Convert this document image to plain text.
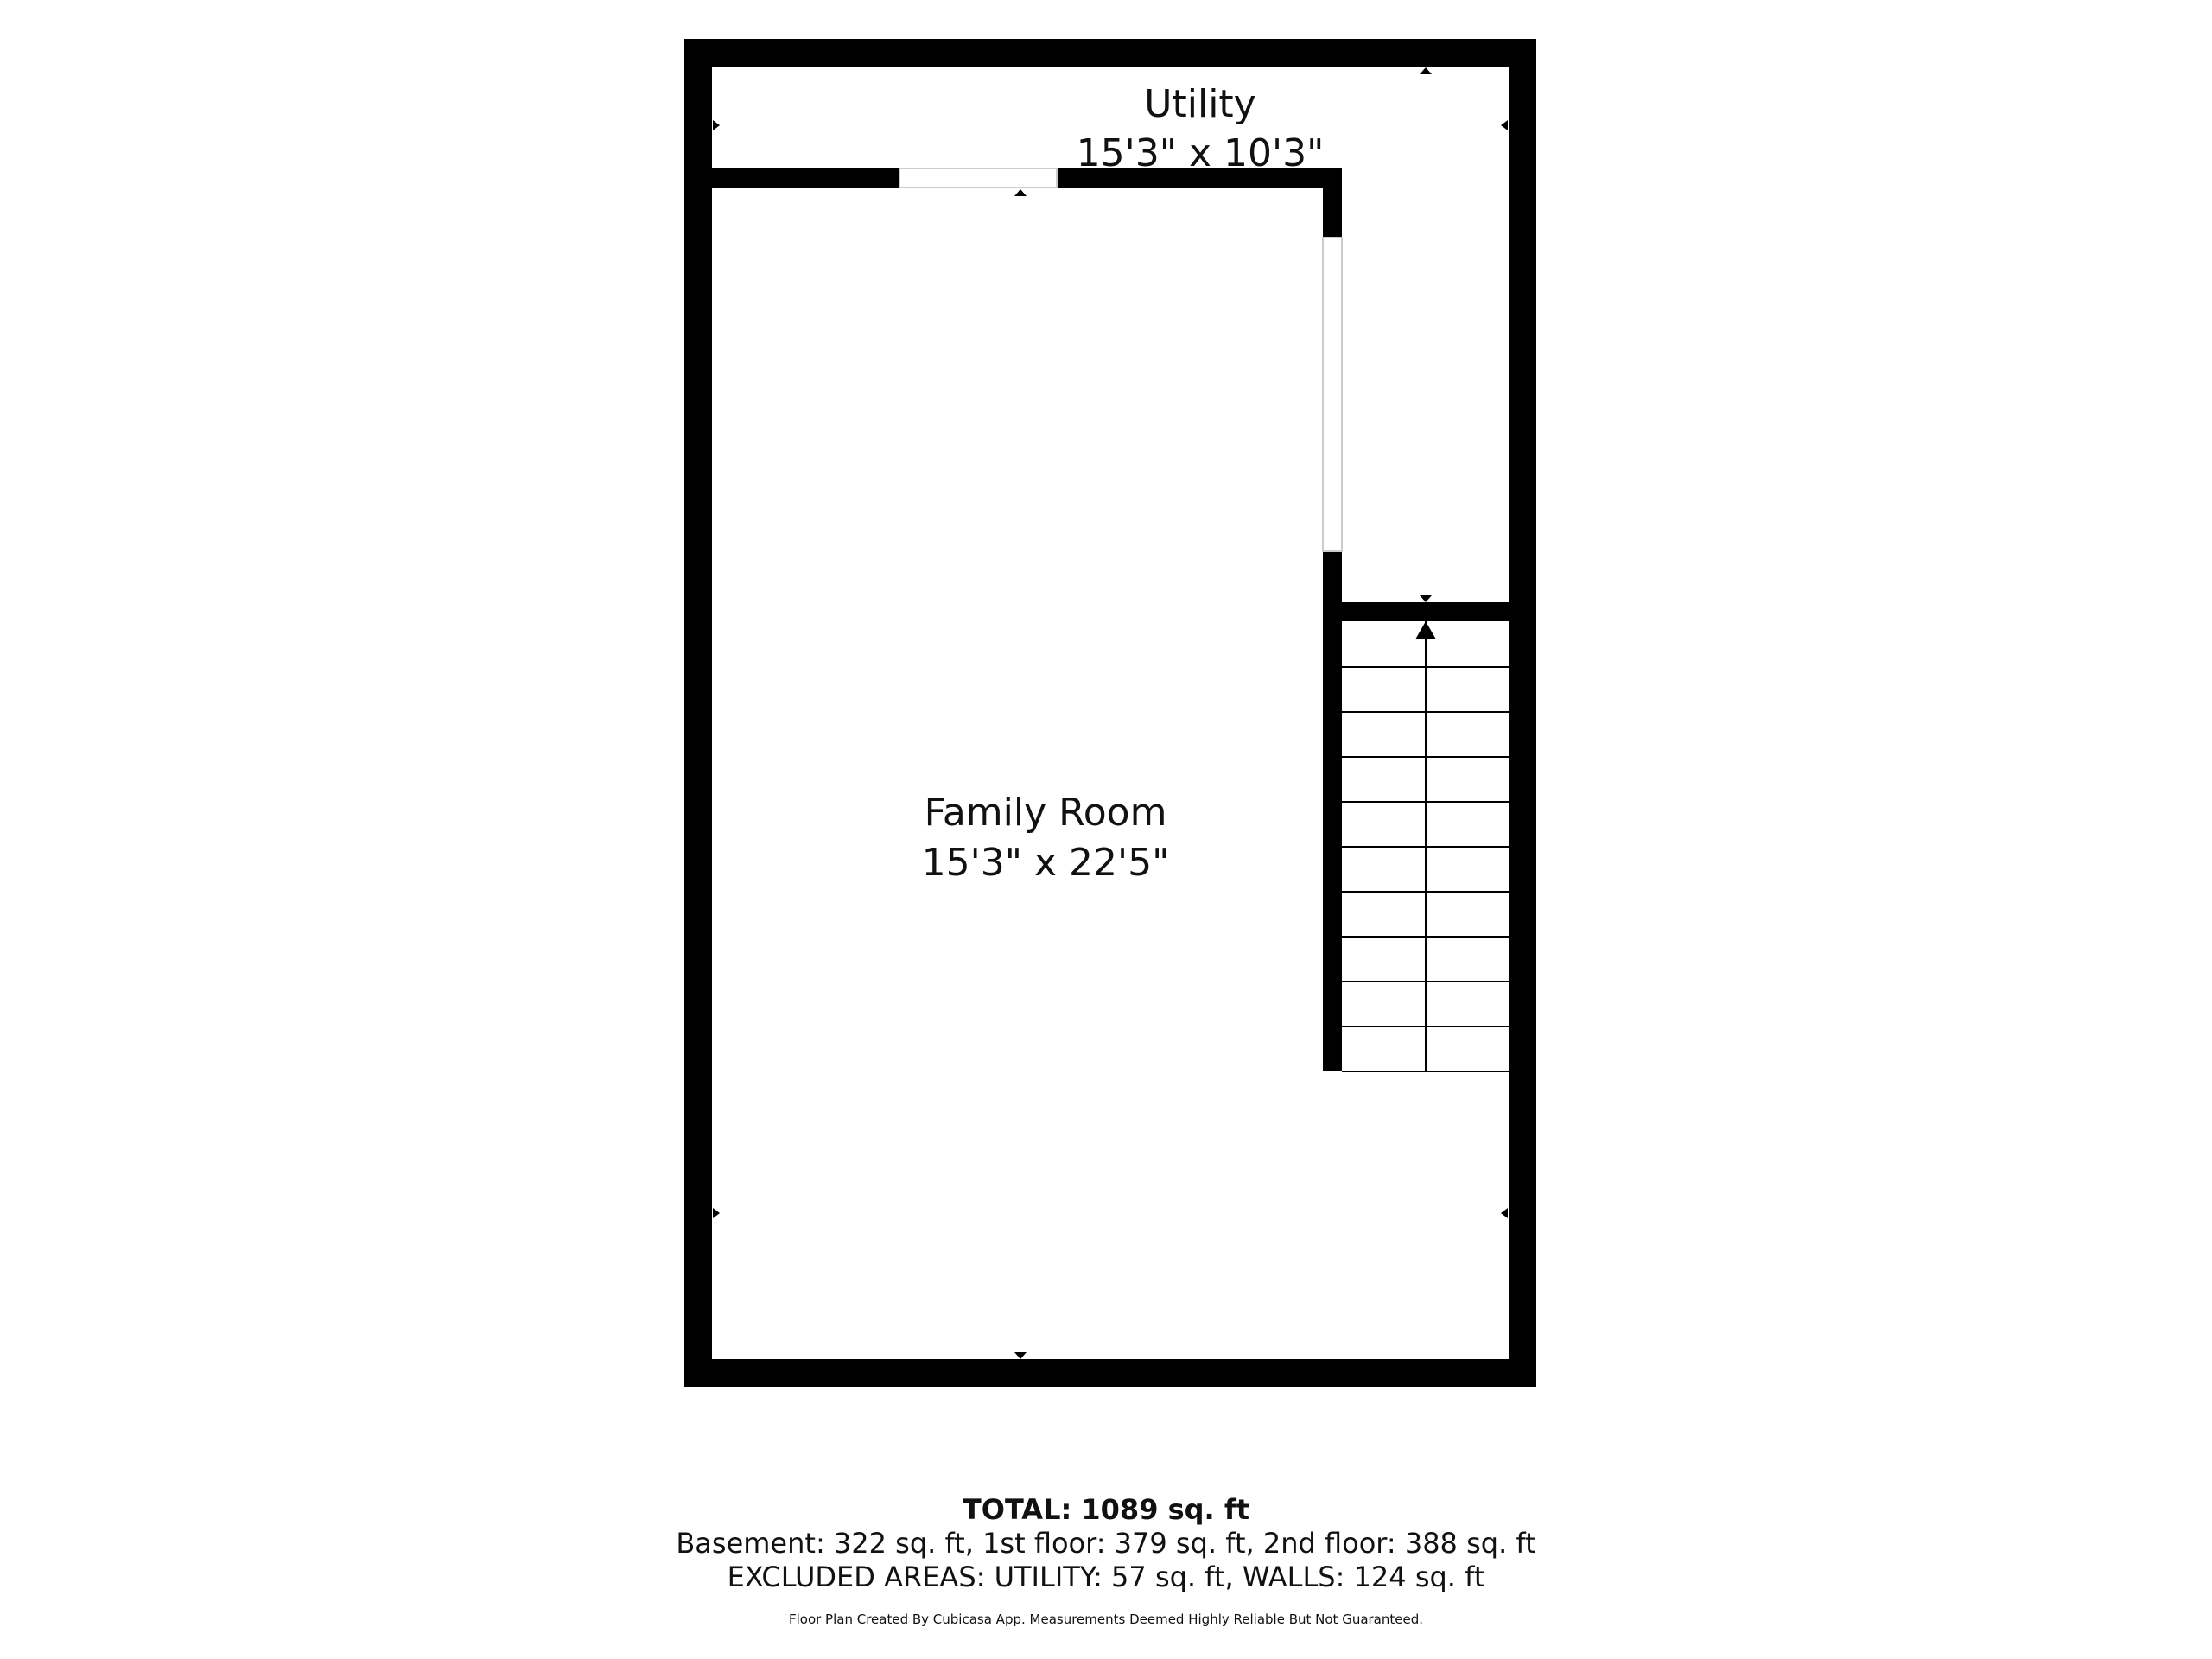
Utility
15'3" x 10'3"
Family Room
15'3" x 22'5"
TOTAL: 1089 sq. ft
Basement: 322 sq. ft, 1st floor: 379 sq. ft, 2nd floor: 388 sq. ft
EXCLUDED AREAS: UTILITY: 57 sq. ft, WALLS: 124 sq. ft
Floor Plan Created By Cubicasa App. Measurements Deemed Highly Reliable But Not Guaranteed.
